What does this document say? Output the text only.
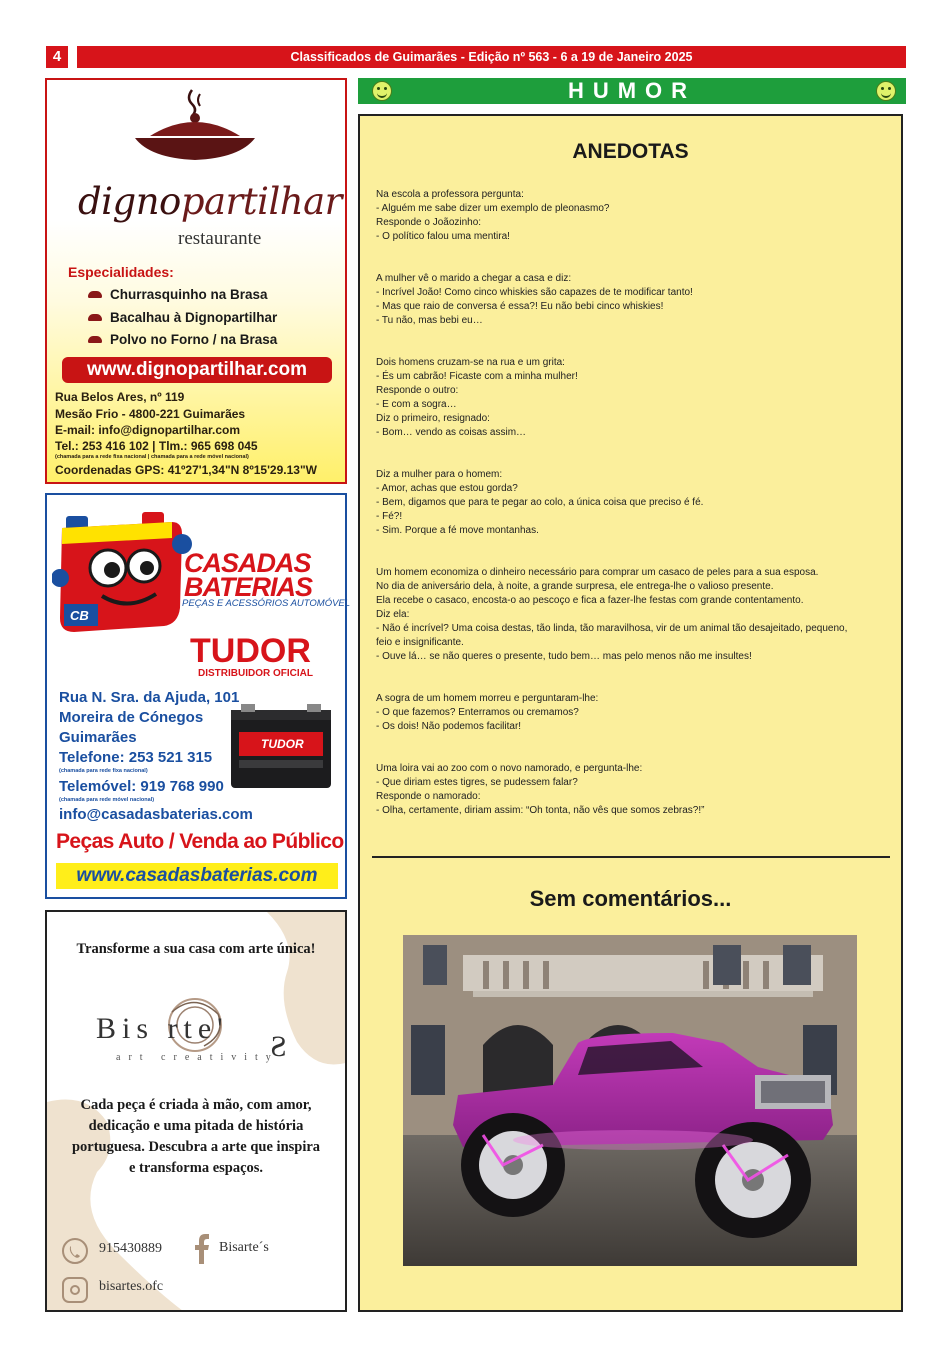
4	Classificados de Guimarães - Edição nº 563 - 6 a 19 de Janeiro 2025
HUMOR
ANEDOTAS
Na escola a professora pergunta:
- Alguém me sabe dizer um exemplo de pleonasmo?
Responde o Joãozinho:
- O político falou uma mentira!
A mulher vê o marido a chegar a casa e diz:
- Incrível João! Como cinco whiskies são capazes de te modificar tanto!
- Mas que raio de conversa é essa?! Eu não bebi cinco whiskies!
- Tu não, mas bebi eu…
Dois homens cruzam-se na rua e um grita:
- És um cabrão! Ficaste com a minha mulher!
Responde o outro:
- E com a sogra…
Diz o primeiro, resignado:
- Bom… vendo as coisas assim…
Diz a mulher para o homem:
- Amor, achas que estou gorda?
- Bem, digamos que para te pegar ao colo, a única coisa que preciso é fé.
- Fé?!
- Sim. Porque a fé move montanhas.
Um homem economiza o dinheiro necessário para comprar um casaco de peles para a sua esposa.
No dia de aniversário dela, à noite, a grande surpresa, ele entrega-lhe o valioso presente.
Ela recebe o casaco, encosta-o ao pescoço e fica a fazer-lhe festas com grande contentamento.
Diz ela:
- Não é incrível? Uma coisa destas, tão linda, tão maravilhosa, vir de um animal tão desajeitado, pequeno,
feio e insignificante.
- Ouve lá… se não queres o presente, tudo bem… mas pelo menos não me insultes!
A sogra de um homem morreu e perguntaram-lhe:
- O que fazemos? Enterramos ou cremamos?
- Os dois! Não podemos facilitar!
Uma loira vai ao zoo com o novo namorado, e pergunta-lhe:
- Que diriam estes tigres, se pudessem falar?
Responde o namorado:
- Olha, certamente, diriam assim: “Oh tonta, não vês que somos zebras?!”
Sem comentários...
dignopartilhar
restaurante
Especialidades:
Churrasquinho na Brasa
Bacalhau à Dignopartilhar
Polvo no Forno / na Brasa
www.dignopartilhar.com
Rua Belos Ares, nº 119
Mesão Frio - 4800-221 Guimarães
E-mail: info@dignopartilhar.com
Tel.: 253 416 102 | Tlm.: 965 698 045
(chamada para a rede fixa nacional | chamada para a rede móvel nacional)
Coordenadas GPS: 41º27'1,34"N 8º15'29.13"W
CB
CASADAS
BATERIAS
PEÇAS E ACESSÓRIOS AUTOMÓVEL
TUDOR
DISTRIBUIDOR OFICIAL
TUDOR
Rua N. Sra. da Ajuda, 101
Moreira de Cónegos
Guimarães
Telefone: 253 521 315
(chamada para rede fixa nacional)
Telemóvel: 919 768 990
(chamada para rede móvel nacional)
info@casadasbaterias.com
Peças Auto / Venda ao Público
www.casadasbaterias.com
Transforme a sua casa com arte única!
Bis rte'
S
art creativity
Cada peça é criada à mão, com amor,
dedicação e uma pitada de história
portuguesa. Descubra a arte que inspira
e transforma espaços.
915430889	Bisarte´s
bisartes.ofc
